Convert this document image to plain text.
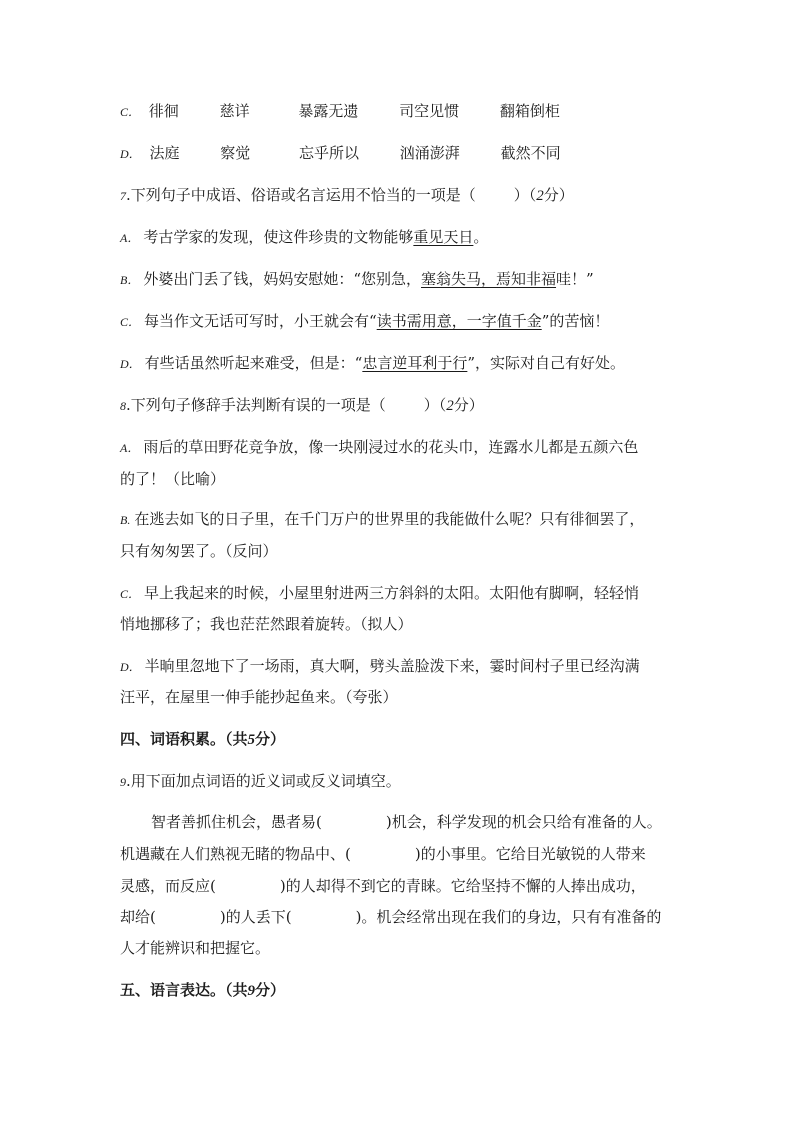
C． 徘徊	慈详	暴露无遗	司空见惯	翻箱倒柜
D． 法庭	察觉	忘乎所以	汹涌澎湃	截然不同
7.下列句子中成语、俗语或名言运用不恰当的一项是（	）（2分）
A． 考古学家的发现，使这件珍贵的文物能够重见天日。
B． 外婆出门丢了钱，妈妈安慰她：“您别急，塞翁失马，焉知非福哇！”
C． 每当作文无话可写时，小王就会有“读书需用意，一字值千金”的苦恼！
D． 有些话虽然听起来难受，但是：“忠言逆耳利于行”，实际对自己有好处。
8.下列句子修辞手法判断有误的一项是（	）（2分）
A． 雨后的草田野花竞争放，像一块刚浸过水的花头巾，连露水儿都是五颜六色
的了！（比喻）
B. 在逃去如飞的日子里，在千门万户的世界里的我能做什么呢？只有徘徊罢了，
只有匆匆罢了。（反问）
C． 早上我起来的时候，小屋里射进两三方斜斜的太阳。太阳他有脚啊，轻轻悄
悄地挪移了；我也茫茫然跟着旋转。（拟人）
D． 半晌里忽地下了一场雨，真大啊，劈头盖脸泼下来，霎时间村子里已经沟满
汪平，在屋里一伸手能抄起鱼来。（夸张）
四、词语积累。（共5分）
9.用下面加点词语的近义词或反义词填空。
智者善抓住机会，愚者易(	)机会，科学发现的机会只给有准备的人。
机遇藏在人们熟视无睹的物品中、(	)的小事里。它给目光敏锐的人带来
灵感，而反应(	)的人却得不到它的青睐。它给坚持不懈的人捧出成功，
却给(	)的人丢下(	)。机会经常出现在我们的身边，只有有准备的
人才能辨识和把握它。
五、语言表达。（共9分）
